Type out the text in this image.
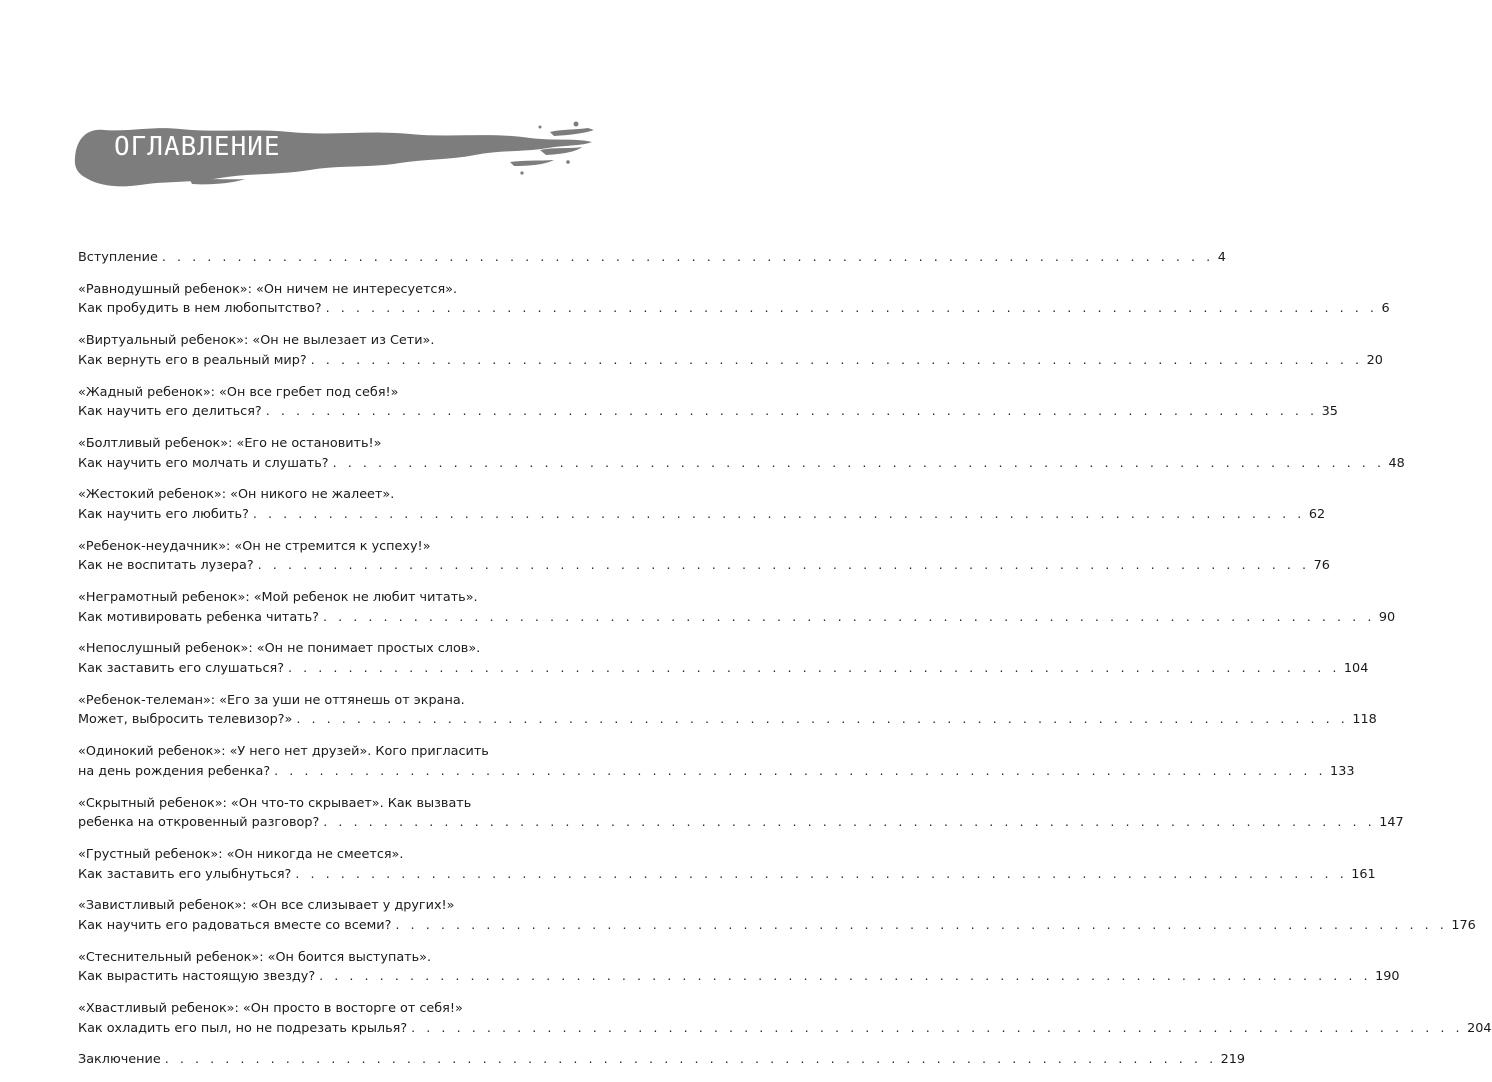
ОГЛАВЛЕНИЕ
Вступление . . . . . . . . . . . . . . . . . . . . . . . . . . . . . . . . . . . . . . . . . . . . . . . . . . . . . . . . . . . . . . . . . . . . . . 4
«Равнодушный ребенок»: «Он ничем не интересуется».
Как пробудить в нем любопытство? . . . . . . . . . . . . . . . . . . . . . . . . . . . . . . . . . . . . . . . . . . . . . . . . . . . . . . . . . . . . . . . . . . . . . . 6
«Виртуальный ребенок»: «Он не вылезает из Сети».
Как вернуть его в реальный мир? . . . . . . . . . . . . . . . . . . . . . . . . . . . . . . . . . . . . . . . . . . . . . . . . . . . . . . . . . . . . . . . . . . . . . . 20
«Жадный ребенок»: «Он все гребет под себя!»
Как научить его делиться? . . . . . . . . . . . . . . . . . . . . . . . . . . . . . . . . . . . . . . . . . . . . . . . . . . . . . . . . . . . . . . . . . . . . . . 35
«Болтливый ребенок»: «Его не остановить!»
Как научить его молчать и слушать? . . . . . . . . . . . . . . . . . . . . . . . . . . . . . . . . . . . . . . . . . . . . . . . . . . . . . . . . . . . . . . . . . . . . . . 48
«Жестокий ребенок»: «Он никого не жалеет».
Как научить его любить? . . . . . . . . . . . . . . . . . . . . . . . . . . . . . . . . . . . . . . . . . . . . . . . . . . . . . . . . . . . . . . . . . . . . . . 62
«Ребенок-неудачник»: «Он не стремится к успеху!»
Как не воспитать лузера? . . . . . . . . . . . . . . . . . . . . . . . . . . . . . . . . . . . . . . . . . . . . . . . . . . . . . . . . . . . . . . . . . . . . . . 76
«Неграмотный ребенок»: «Мой ребенок не любит читать».
Как мотивировать ребенка читать? . . . . . . . . . . . . . . . . . . . . . . . . . . . . . . . . . . . . . . . . . . . . . . . . . . . . . . . . . . . . . . . . . . . . . . 90
«Непослушный ребенок»: «Он не понимает простых слов».
Как заставить его слушаться? . . . . . . . . . . . . . . . . . . . . . . . . . . . . . . . . . . . . . . . . . . . . . . . . . . . . . . . . . . . . . . . . . . . . . . 104
«Ребенок-телеман»: «Его за уши не оттянешь от экрана.
Может, выбросить телевизор?» . . . . . . . . . . . . . . . . . . . . . . . . . . . . . . . . . . . . . . . . . . . . . . . . . . . . . . . . . . . . . . . . . . . . . . 118
«Одинокий ребенок»: «У него нет друзей». Кого пригласить
на день рождения ребенка? . . . . . . . . . . . . . . . . . . . . . . . . . . . . . . . . . . . . . . . . . . . . . . . . . . . . . . . . . . . . . . . . . . . . . . 133
«Скрытный ребенок»: «Он что-то скрывает». Как вызвать
ребенка на откровенный разговор? . . . . . . . . . . . . . . . . . . . . . . . . . . . . . . . . . . . . . . . . . . . . . . . . . . . . . . . . . . . . . . . . . . . . . . 147
«Грустный ребенок»: «Он никогда не смеется».
Как заставить его улыбнуться? . . . . . . . . . . . . . . . . . . . . . . . . . . . . . . . . . . . . . . . . . . . . . . . . . . . . . . . . . . . . . . . . . . . . . . 161
«Завистливый ребенок»: «Он все слизывает у других!»
Как научить его радоваться вместе со всеми? . . . . . . . . . . . . . . . . . . . . . . . . . . . . . . . . . . . . . . . . . . . . . . . . . . . . . . . . . . . . . . . . . . . . . . 176
«Стеснительный ребенок»: «Он боится выступать».
Как вырастить настоящую звезду? . . . . . . . . . . . . . . . . . . . . . . . . . . . . . . . . . . . . . . . . . . . . . . . . . . . . . . . . . . . . . . . . . . . . . . 190
«Хвастливый ребенок»: «Он просто в восторге от себя!»
Как охладить его пыл, но не подрезать крылья? . . . . . . . . . . . . . . . . . . . . . . . . . . . . . . . . . . . . . . . . . . . . . . . . . . . . . . . . . . . . . . . . . . . . . . 204
Заключение . . . . . . . . . . . . . . . . . . . . . . . . . . . . . . . . . . . . . . . . . . . . . . . . . . . . . . . . . . . . . . . . . . . . . . 219
